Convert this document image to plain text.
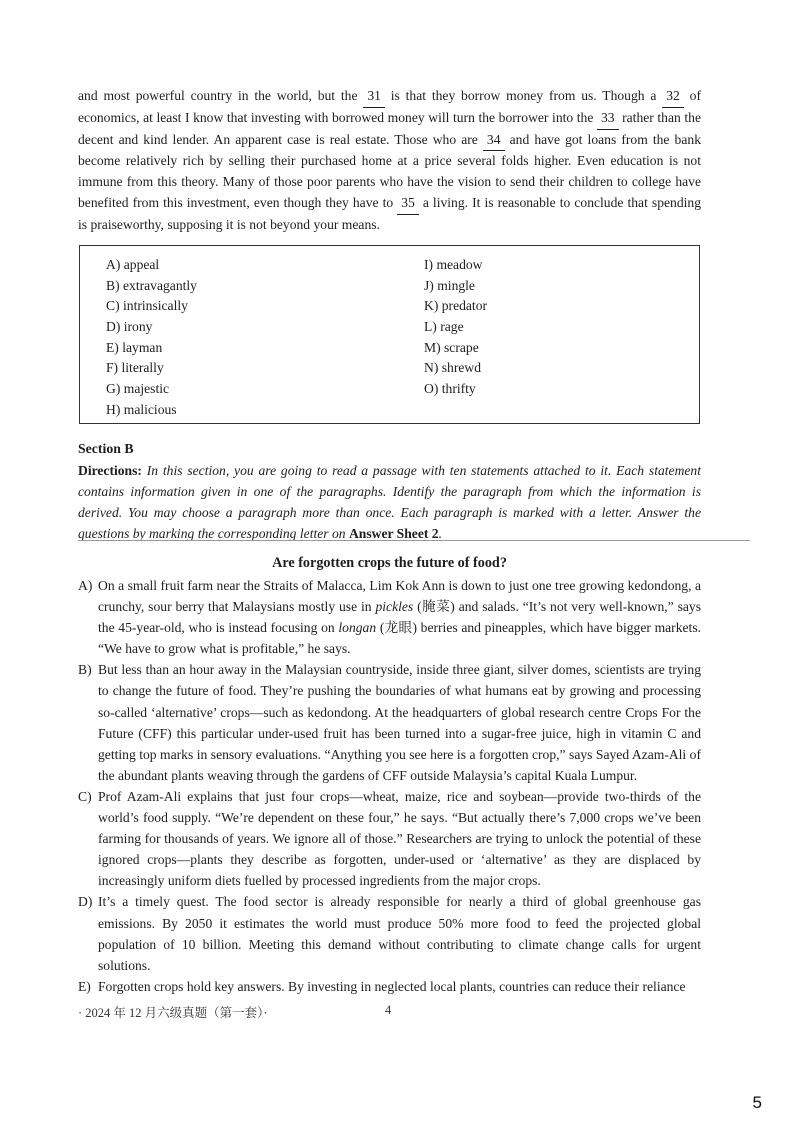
and most powerful country in the world, but the 31 is that they borrow money from us. Though a 32 of economics, at least I know that investing with borrowed money will turn the borrower into the 33 rather than the decent and kind lender. An apparent case is real estate. Those who are 34 and have got loans from the bank become relatively rich by selling their purchased home at a price several folds higher. Even education is not immune from this theory. Many of those poor parents who have the vision to send their children to college have benefited from this investment, even though they have to 35 a living. It is reasonable to conclude that spending is praiseworthy, supposing it is not beyond your means.
A) appeal
B) extravagantly
C) intrinsically
D) irony
E) layman
F) literally
G) majestic
H) malicious
I) meadow
J) mingle
K) predator
L) rage
M) scrape
N) shrewd
O) thrifty
Section B
Directions: In this section, you are going to read a passage with ten statements attached to it. Each statement contains information given in one of the paragraphs. Identify the paragraph from which the information is derived. You may choose a paragraph more than once. Each paragraph is marked with a letter. Answer the questions by marking the corresponding letter on Answer Sheet 2.
Are forgotten crops the future of food?
A) On a small fruit farm near the Straits of Malacca, Lim Kok Ann is down to just one tree growing kedondong, a crunchy, sour berry that Malaysians mostly use in pickles (腌菜) and salads. “It’s not very well-known,” says the 45-year-old, who is instead focusing on longan (龙眼) berries and pineapples, which have bigger markets. “We have to grow what is profitable,” he says.
B) But less than an hour away in the Malaysian countryside, inside three giant, silver domes, scientists are trying to change the future of food. They’re pushing the boundaries of what humans eat by growing and processing so-called ‘alternative’ crops—such as kedondong. At the headquarters of global research centre Crops For the Future (CFF) this particular under-used fruit has been turned into a sugar-free juice, high in vitamin C and getting top marks in sensory evaluations. “Anything you see here is a forgotten crop,” says Sayed Azam-Ali of the abundant plants weaving through the gardens of CFF outside Malaysia’s capital Kuala Lumpur.
C) Prof Azam-Ali explains that just four crops—wheat, maize, rice and soybean—provide two-thirds of the world’s food supply. “We’re dependent on these four,” he says. “But actually there’s 7,000 crops we’ve been farming for thousands of years. We ignore all of those.” Researchers are trying to unlock the potential of these ignored crops—plants they describe as forgotten, under-used or ‘alternative’ as they are displaced by increasingly uniform diets fuelled by processed ingredients from the major crops.
D) It’s a timely quest. The food sector is already responsible for nearly a third of global greenhouse gas emissions. By 2050 it estimates the world must produce 50% more food to feed the projected global population of 10 billion. Meeting this demand without contributing to climate change calls for urgent solutions.
E) Forgotten crops hold key answers. By investing in neglected local plants, countries can reduce their reliance
· 2024 年 12 月六级真题（第一套）·	4
5
